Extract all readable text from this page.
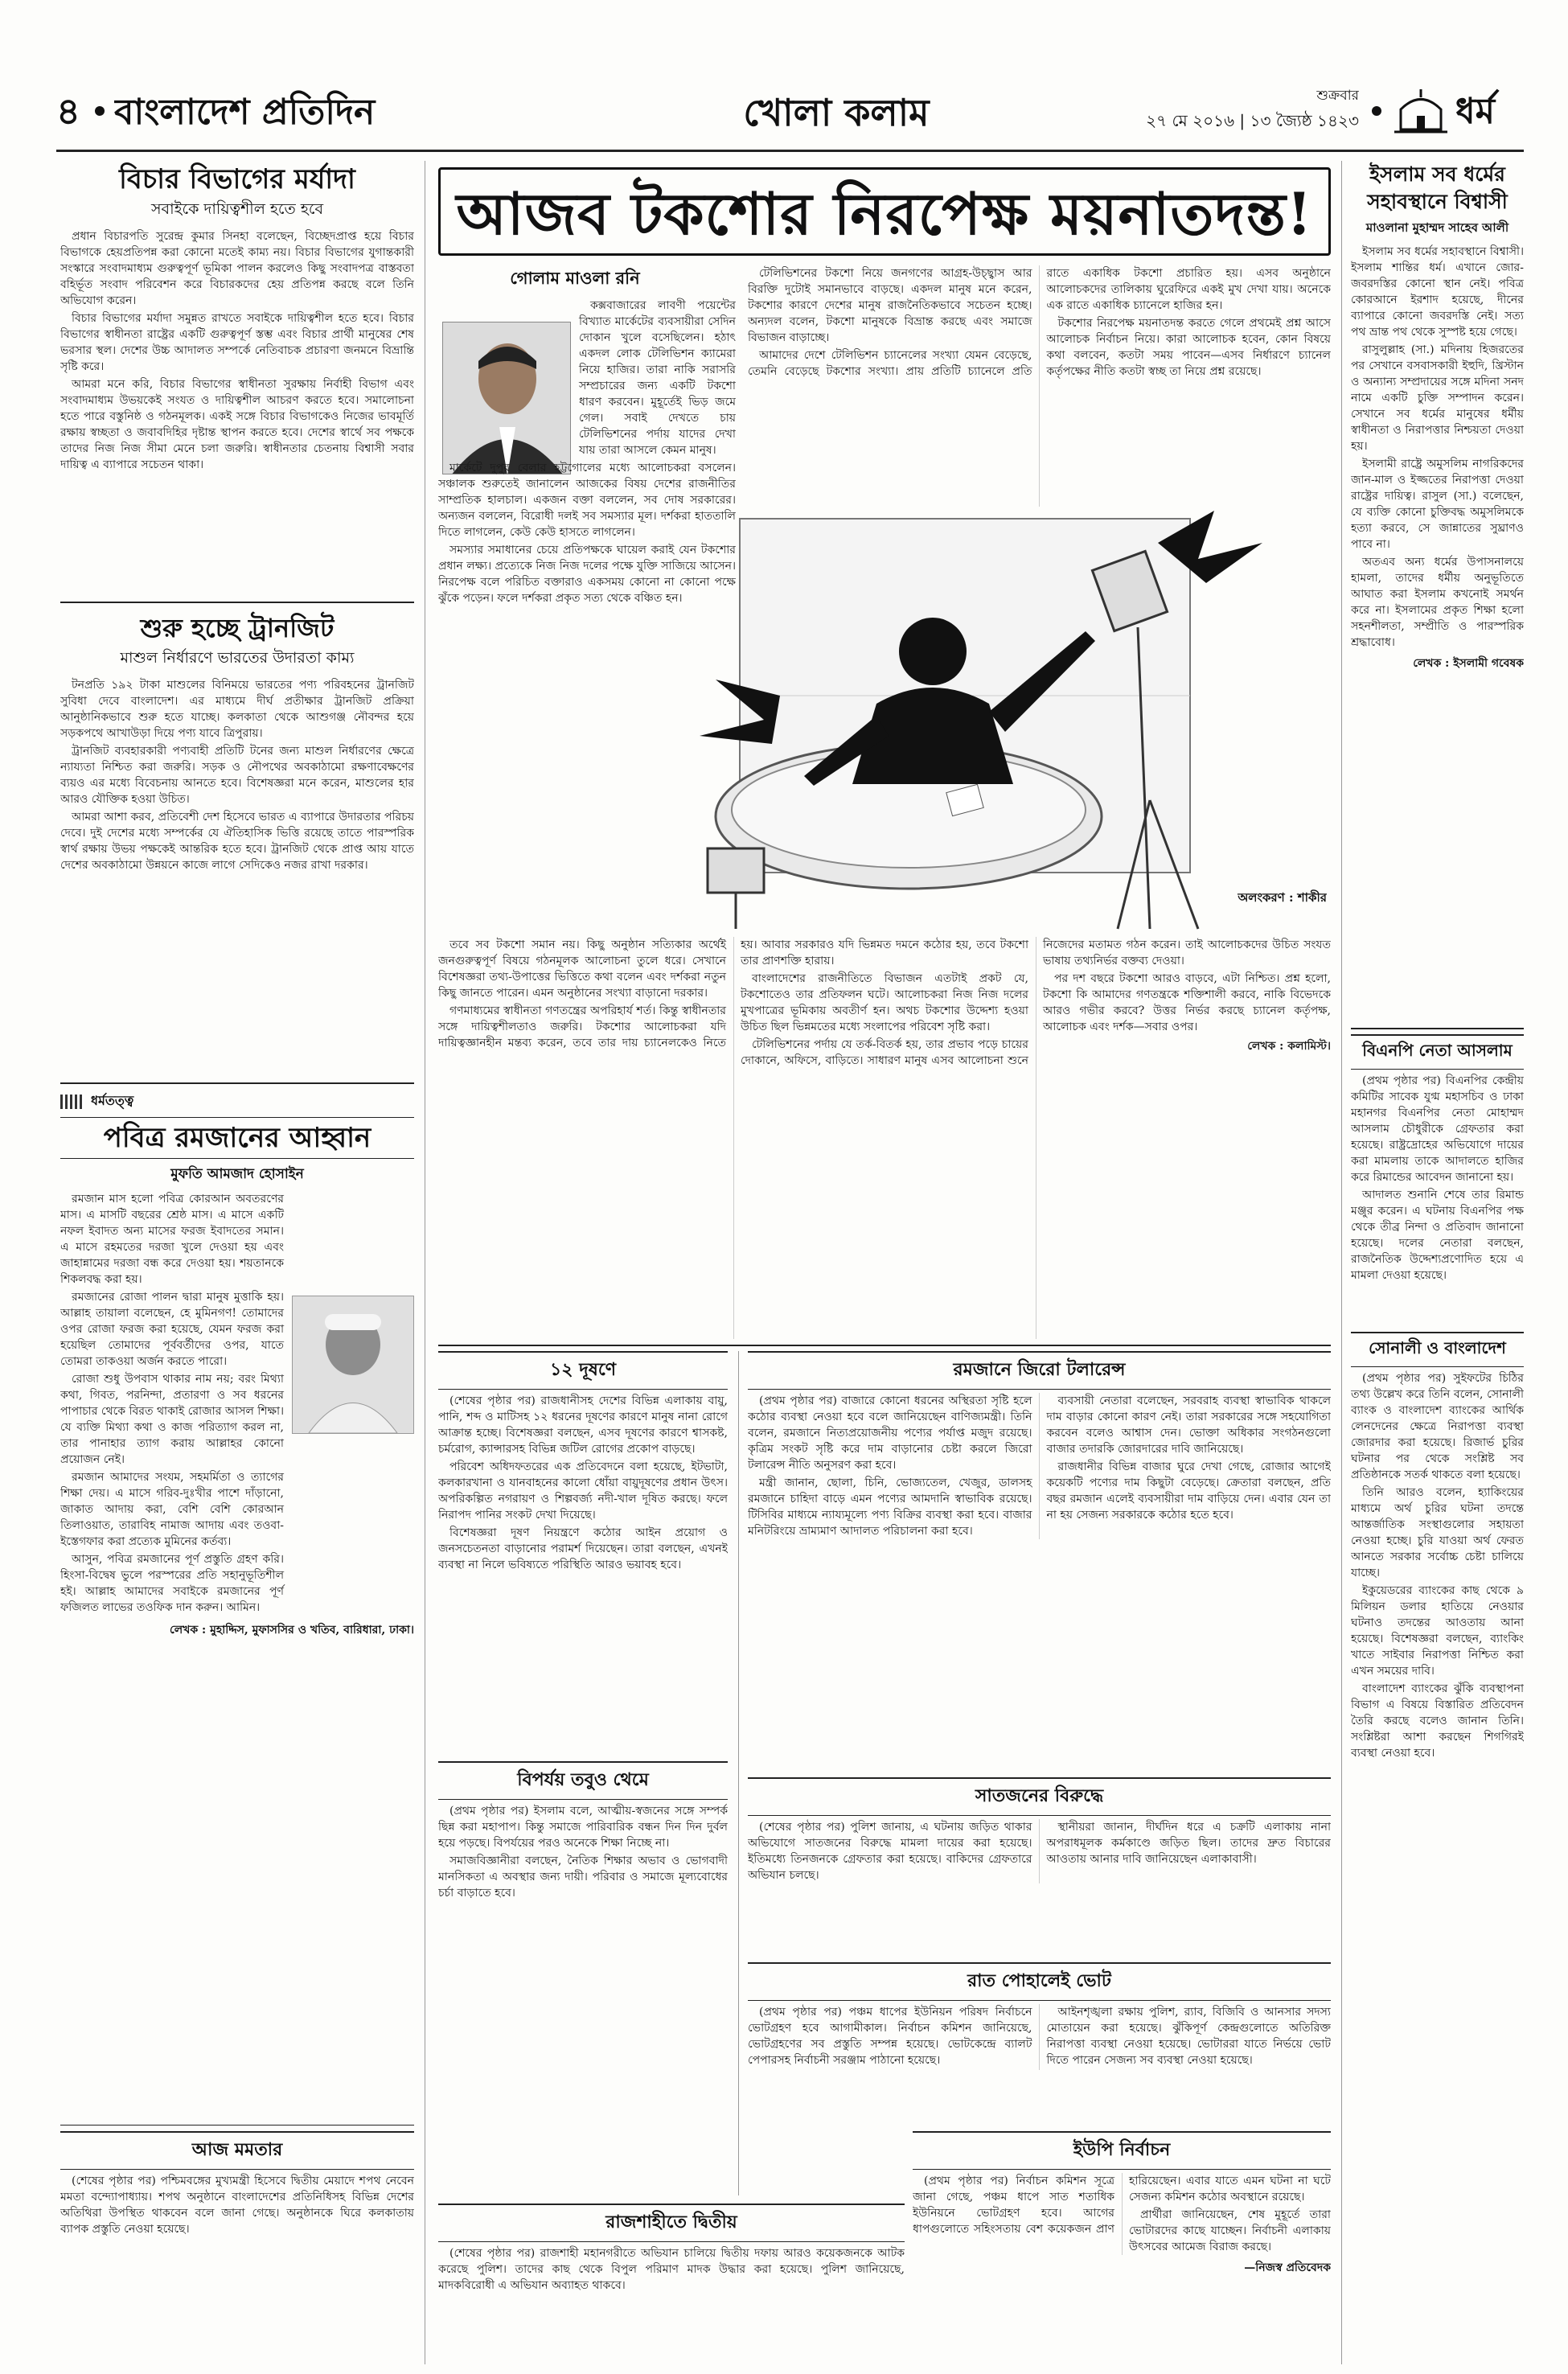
৪ বাংলাদেশ প্রতিদিন	খোলা কলাম	শুক্রবার
২৭ মে ২০১৬ | ১৩ জ্যৈষ্ঠ ১৪২৩	ধর্ম
বিচার বিভাগের মর্যাদা
সবাইকে দায়িত্বশীল হতে হবে

প্রধান বিচারপতি সুরেন্দ্র কুমার সিনহা বলেছেন, বিচ্ছেদপ্রাপ্ত হয়ে বিচার বিভাগকে হেয়প্রতিপন্ন করা কোনো মতেই কাম্য নয়। বিচার বিভাগের যুগান্তকারী সংস্কারে সংবাদমাধ্যম গুরুত্বপূর্ণ ভূমিকা পালন করলেও কিছু সংবাদপত্র বাস্তবতা বহির্ভূত সংবাদ পরিবেশন করে বিচারকদের হেয় প্রতিপন্ন করছে বলে তিনি অভিযোগ করেন।

বিচার বিভাগের মর্যাদা সমুন্নত রাখতে সবাইকে দায়িত্বশীল হতে হবে। বিচার বিভাগের স্বাধীনতা রাষ্ট্রের একটি গুরুত্বপূর্ণ স্তম্ভ এবং বিচার প্রার্থী মানুষের শেষ ভরসার স্থল। দেশের উচ্চ আদালত সম্পর্কে নেতিবাচক প্রচারণা জনমনে বিভ্রান্তি সৃষ্টি করে।

আমরা মনে করি, বিচার বিভাগের স্বাধীনতা সুরক্ষায় নির্বাহী বিভাগ এবং সংবাদমাধ্যম উভয়কেই সংযত ও দায়িত্বশীল আচরণ করতে হবে। সমালোচনা হতে পারে বস্তুনিষ্ঠ ও গঠনমূলক। একই সঙ্গে বিচার বিভাগকেও নিজের ভাবমূর্তি রক্ষায় স্বচ্ছতা ও জবাবদিহির দৃষ্টান্ত স্থাপন করতে হবে। দেশের স্বার্থে সব পক্ষকে তাদের নিজ নিজ সীমা মেনে চলা জরুরি। স্বাধীনতার চেতনায় বিশ্বাসী সবার দায়িত্ব এ ব্যাপারে সচেতন থাকা।

শুরু হচ্ছে ট্রানজিট
মাশুল নির্ধারণে ভারতের উদারতা কাম্য

টনপ্রতি ১৯২ টাকা মাশুলের বিনিময়ে ভারতের পণ্য পরিবহনের ট্রানজিট সুবিধা দেবে বাংলাদেশ। এর মাধ্যমে দীর্ঘ প্রতীক্ষার ট্রানজিট প্রক্রিয়া আনুষ্ঠানিকভাবে শুরু হতে যাচ্ছে। কলকাতা থেকে আশুগঞ্জ নৌবন্দর হয়ে সড়কপথে আখাউড়া দিয়ে পণ্য যাবে ত্রিপুরায়।

ট্রানজিট ব্যবহারকারী পণ্যবাহী প্রতিটি টনের জন্য মাশুল নির্ধারণের ক্ষেত্রে ন্যায্যতা নিশ্চিত করা জরুরি। সড়ক ও নৌপথের অবকাঠামো রক্ষণাবেক্ষণের ব্যয়ও এর মধ্যে বিবেচনায় আনতে হবে। বিশেষজ্ঞরা মনে করেন, মাশুলের হার আরও যৌক্তিক হওয়া উচিত।

আমরা আশা করব, প্রতিবেশী দেশ হিসেবে ভারত এ ব্যাপারে উদারতার পরিচয় দেবে। দুই দেশের মধ্যে সম্পর্কের যে ঐতিহাসিক ভিত্তি রয়েছে তাতে পারস্পরিক স্বার্থ রক্ষায় উভয় পক্ষকেই আন্তরিক হতে হবে। ট্রানজিট থেকে প্রাপ্ত আয় যাতে দেশের অবকাঠামো উন্নয়নে কাজে লাগে সেদিকেও নজর রাখা দরকার।

ধর্মতত্ত্ব
পবিত্র রমজানের আহ্বান
মুফতি আমজাদ হোসাইন

রমজান মাস হলো পবিত্র কোরআন অবতরণের মাস। এ মাসটি বছরের শ্রেষ্ঠ মাস। এ মাসে একটি নফল ইবাদত অন্য মাসের ফরজ ইবাদতের সমান। এ মাসে রহমতের দরজা খুলে দেওয়া হয় এবং জাহান্নামের দরজা বন্ধ করে দেওয়া হয়। শয়তানকে শিকলবদ্ধ করা হয়।

রমজানের রোজা পালন দ্বারা মানুষ মুত্তাকি হয়। আল্লাহ তায়ালা বলেছেন, হে মুমিনগণ! তোমাদের ওপর রোজা ফরজ করা হয়েছে, যেমন ফরজ করা হয়েছিল তোমাদের পূর্ববর্তীদের ওপর, যাতে তোমরা তাকওয়া অর্জন করতে পারো।

রোজা শুধু উপবাস থাকার নাম নয়; বরং মিথ্যা কথা, গিবত, পরনিন্দা, প্রতারণা ও সব ধরনের পাপাচার থেকে বিরত থাকাই রোজার আসল শিক্ষা। যে ব্যক্তি মিথ্যা কথা ও কাজ পরিত্যাগ করল না, তার পানাহার ত্যাগ করায় আল্লাহর কোনো প্রয়োজন নেই।

রমজান আমাদের সংযম, সহমর্মিতা ও ত্যাগের শিক্ষা দেয়। এ মাসে গরিব-দুঃখীর পাশে দাঁড়ানো, জাকাত আদায় করা, বেশি বেশি কোরআন তিলাওয়াত, তারাবিহ নামাজ আদায় এবং তওবা-ইস্তেগফার করা প্রত্যেক মুমিনের কর্তব্য।

আসুন, পবিত্র রমজানের পূর্ণ প্রস্তুতি গ্রহণ করি। হিংসা-বিদ্বেষ ভুলে পরস্পরের প্রতি সহানুভূতিশীল হই। আল্লাহ আমাদের সবাইকে রমজানের পূর্ণ ফজিলত লাভের তওফিক দান করুন। আমিন।

লেখক : মুহাদ্দিস, মুফাসসির ও খতিব, বারিধারা, ঢাকা।
আজ মমতার

(শেষের পৃষ্ঠার পর) পশ্চিমবঙ্গের মুখ্যমন্ত্রী হিসেবে দ্বিতীয় মেয়াদে শপথ নেবেন মমতা বন্দ্যোপাধ্যায়। শপথ অনুষ্ঠানে বাংলাদেশের প্রতিনিধিসহ বিভিন্ন দেশের অতিথিরা উপস্থিত থাকবেন বলে জানা গেছে। অনুষ্ঠানকে ঘিরে কলকাতায় ব্যাপক প্রস্তুতি নেওয়া হয়েছে।

আজব টকশোর নিরপেক্ষ ময়নাতদন্ত!
গোলাম মাওলা রনি

কক্সবাজারের লাবণী পয়েন্টের বিখ্যাত মার্কেটের ব্যবসায়ীরা সেদিন দোকান খুলে বসেছিলেন। হঠাৎ একদল লোক টেলিভিশন ক্যামেরা নিয়ে হাজির। তারা নাকি সরাসরি সম্প্রচারের জন্য একটি টকশো ধারণ করবেন। মুহূর্তেই ভিড় জমে গেল। সবাই দেখতে চায় টেলিভিশনের পর্দায় যাদের দেখা যায় তারা আসলে কেমন মানুষ।

মার্কেটে দুপুর বেলার হট্টগোলের মধ্যে আলোচকরা বসলেন। সঞ্চালক শুরুতেই জানালেন আজকের বিষয় দেশের রাজনীতির সাম্প্রতিক হালচাল। একজন বক্তা বললেন, সব দোষ সরকারের। অন্যজন বললেন, বিরোধী দলই সব সমস্যার মূল। দর্শকরা হাততালি দিতে লাগলেন, কেউ কেউ হাসতে লাগলেন।

সমস্যার সমাধানের চেয়ে প্রতিপক্ষকে ঘায়েল করাই যেন টকশোর প্রধান লক্ষ্য। প্রত্যেকে নিজ নিজ দলের পক্ষে যুক্তি সাজিয়ে আসেন। নিরপেক্ষ বলে পরিচিত বক্তারাও একসময় কোনো না কোনো পক্ষে ঝুঁকে পড়েন। ফলে দর্শকরা প্রকৃত সত্য থেকে বঞ্চিত হন।

টেলিভিশনের টকশো নিয়ে জনগণের আগ্রহ-উচ্ছ্বাস আর বিরক্তি দুটোই সমানভাবে বাড়ছে। একদল মানুষ মনে করেন, টকশোর কারণে দেশের মানুষ রাজনৈতিকভাবে সচেতন হচ্ছে। অন্যদল বলেন, টকশো মানুষকে বিভ্রান্ত করছে এবং সমাজে বিভাজন বাড়াচ্ছে।

আমাদের দেশে টেলিভিশন চ্যানেলের সংখ্যা যেমন বেড়েছে, তেমনি বেড়েছে টকশোর সংখ্যা। প্রায় প্রতিটি চ্যানেলে প্রতি রাতে একাধিক টকশো প্রচারিত হয়। এসব অনুষ্ঠানে আলোচকদের তালিকায় ঘুরেফিরে একই মুখ দেখা যায়। অনেকে এক রাতে একাধিক চ্যানেলে হাজির হন।

টকশোর নিরপেক্ষ ময়নাতদন্ত করতে গেলে প্রথমেই প্রশ্ন আসে আলোচক নির্বাচন নিয়ে। কারা আলোচক হবেন, কোন বিষয়ে কথা বলবেন, কতটা সময় পাবেন—এসব নির্ধারণে চ্যানেল কর্তৃপক্ষের নীতি কতটা স্বচ্ছ তা নিয়ে প্রশ্ন রয়েছে।

অলংকরণ : শাকীর

তবে সব টকশো সমান নয়। কিছু অনুষ্ঠান সত্যিকার অর্থেই জনগুরুত্বপূর্ণ বিষয়ে গঠনমূলক আলোচনা তুলে ধরে। সেখানে বিশেষজ্ঞরা তথ্য-উপাত্তের ভিত্তিতে কথা বলেন এবং দর্শকরা নতুন কিছু জানতে পারেন। এমন অনুষ্ঠানের সংখ্যা বাড়ানো দরকার।

গণমাধ্যমের স্বাধীনতা গণতন্ত্রের অপরিহার্য শর্ত। কিন্তু স্বাধীনতার সঙ্গে দায়িত্বশীলতাও জরুরি। টকশোর আলোচকরা যদি দায়িত্বজ্ঞানহীন মন্তব্য করেন, তবে তার দায় চ্যানেলকেও নিতে হয়। আবার সরকারও যদি ভিন্নমত দমনে কঠোর হয়, তবে টকশো তার প্রাণশক্তি হারায়।

বাংলাদেশের রাজনীতিতে বিভাজন এতটাই প্রকট যে, টকশোতেও তার প্রতিফলন ঘটে। আলোচকরা নিজ নিজ দলের মুখপাত্রের ভূমিকায় অবতীর্ণ হন। অথচ টকশোর উদ্দেশ্য হওয়া উচিত ছিল ভিন্নমতের মধ্যে সংলাপের পরিবেশ সৃষ্টি করা।

টেলিভিশনের পর্দায় যে তর্ক-বিতর্ক হয়, তার প্রভাব পড়ে চায়ের দোকানে, অফিসে, বাড়িতে। সাধারণ মানুষ এসব আলোচনা শুনে নিজেদের মতামত গঠন করেন। তাই আলোচকদের উচিত সংযত ভাষায় তথ্যনির্ভর বক্তব্য দেওয়া।

পর দশ বছরে টকশো আরও বাড়বে, এটা নিশ্চিত। প্রশ্ন হলো, টকশো কি আমাদের গণতন্ত্রকে শক্তিশালী করবে, নাকি বিভেদকে আরও গভীর করবে? উত্তর নির্ভর করছে চ্যানেল কর্তৃপক্ষ, আলোচক এবং দর্শক—সবার ওপর।

লেখক : কলামিস্ট।
১২ দূষণে

(শেষের পৃষ্ঠার পর) রাজধানীসহ দেশের বিভিন্ন এলাকায় বায়ু, পানি, শব্দ ও মাটিসহ ১২ ধরনের দূষণের কারণে মানুষ নানা রোগে আক্রান্ত হচ্ছে। বিশেষজ্ঞরা বলছেন, এসব দূষণের কারণে শ্বাসকষ্ট, চর্মরোগ, ক্যান্সারসহ বিভিন্ন জটিল রোগের প্রকোপ বাড়ছে।

পরিবেশ অধিদফতরের এক প্রতিবেদনে বলা হয়েছে, ইটভাটা, কলকারখানা ও যানবাহনের কালো ধোঁয়া বায়ুদূষণের প্রধান উৎস। অপরিকল্পিত নগরায়ণ ও শিল্পবর্জ্য নদী-খাল দূষিত করছে। ফলে নিরাপদ পানির সংকট দেখা দিয়েছে।

বিশেষজ্ঞরা দূষণ নিয়ন্ত্রণে কঠোর আইন প্রয়োগ ও জনসচেতনতা বাড়ানোর পরামর্শ দিয়েছেন। তারা বলছেন, এখনই ব্যবস্থা না নিলে ভবিষ্যতে পরিস্থিতি আরও ভয়াবহ হবে।

বিপর্যয় তবুও থেমে

(প্রথম পৃষ্ঠার পর) ইসলাম বলে, আত্মীয়-স্বজনের সঙ্গে সম্পর্ক ছিন্ন করা মহাপাপ। কিন্তু সমাজে পারিবারিক বন্ধন দিন দিন দুর্বল হয়ে পড়ছে। বিপর্যয়ের পরও অনেকে শিক্ষা নিচ্ছে না।

সমাজবিজ্ঞানীরা বলছেন, নৈতিক শিক্ষার অভাব ও ভোগবাদী মানসিকতা এ অবস্থার জন্য দায়ী। পরিবার ও সমাজে মূল্যবোধের চর্চা বাড়াতে হবে।

রাজশাহীতে দ্বিতীয়

(শেষের পৃষ্ঠার পর) রাজশাহী মহানগরীতে অভিযান চালিয়ে দ্বিতীয় দফায় আরও কয়েকজনকে আটক করেছে পুলিশ। তাদের কাছ থেকে বিপুল পরিমাণ মাদক উদ্ধার করা হয়েছে। পুলিশ জানিয়েছে, মাদকবিরোধী এ অভিযান অব্যাহত থাকবে।

রমজানে জিরো টলারেন্স

(প্রথম পৃষ্ঠার পর) বাজারে কোনো ধরনের অস্থিরতা সৃষ্টি হলে কঠোর ব্যবস্থা নেওয়া হবে বলে জানিয়েছেন বাণিজ্যমন্ত্রী। তিনি বলেন, রমজানে নিত্যপ্রয়োজনীয় পণ্যের পর্যাপ্ত মজুদ রয়েছে। কৃত্রিম সংকট সৃষ্টি করে দাম বাড়ানোর চেষ্টা করলে জিরো টলারেন্স নীতি অনুসরণ করা হবে।

মন্ত্রী জানান, ছোলা, চিনি, ভোজ্যতেল, খেজুর, ডালসহ রমজানে চাহিদা বাড়ে এমন পণ্যের আমদানি স্বাভাবিক রয়েছে। টিসিবির মাধ্যমে ন্যায্যমূল্যে পণ্য বিক্রির ব্যবস্থা করা হবে। বাজার মনিটরিংয়ে ভ্রাম্যমাণ আদালত পরিচালনা করা হবে।

ব্যবসায়ী নেতারা বলেছেন, সরবরাহ ব্যবস্থা স্বাভাবিক থাকলে দাম বাড়ার কোনো কারণ নেই। তারা সরকারের সঙ্গে সহযোগিতা করবেন বলেও আশ্বাস দেন। ভোক্তা অধিকার সংগঠনগুলো বাজার তদারকি জোরদারের দাবি জানিয়েছে।

রাজধানীর বিভিন্ন বাজার ঘুরে দেখা গেছে, রোজার আগেই কয়েকটি পণ্যের দাম কিছুটা বেড়েছে। ক্রেতারা বলছেন, প্রতি বছর রমজান এলেই ব্যবসায়ীরা দাম বাড়িয়ে দেন। এবার যেন তা না হয় সেজন্য সরকারকে কঠোর হতে হবে।

সাতজনের বিরুদ্ধে

(শেষের পৃষ্ঠার পর) পুলিশ জানায়, এ ঘটনায় জড়িত থাকার অভিযোগে সাতজনের বিরুদ্ধে মামলা দায়ের করা হয়েছে। ইতিমধ্যে তিনজনকে গ্রেফতার করা হয়েছে। বাকিদের গ্রেফতারে অভিযান চলছে।

স্থানীয়রা জানান, দীর্ঘদিন ধরে এ চক্রটি এলাকায় নানা অপরাধমূলক কর্মকাণ্ডে জড়িত ছিল। তাদের দ্রুত বিচারের আওতায় আনার দাবি জানিয়েছেন এলাকাবাসী।

রাত পোহালেই ভোট

(প্রথম পৃষ্ঠার পর) পঞ্চম ধাপের ইউনিয়ন পরিষদ নির্বাচনে ভোটগ্রহণ হবে আগামীকাল। নির্বাচন কমিশন জানিয়েছে, ভোটগ্রহণের সব প্রস্তুতি সম্পন্ন হয়েছে। ভোটকেন্দ্রে ব্যালট পেপারসহ নির্বাচনী সরঞ্জাম পাঠানো হয়েছে।

আইনশৃঙ্খলা রক্ষায় পুলিশ, র‌্যাব, বিজিবি ও আনসার সদস্য মোতায়েন করা হয়েছে। ঝুঁকিপূর্ণ কেন্দ্রগুলোতে অতিরিক্ত নিরাপত্তা ব্যবস্থা নেওয়া হয়েছে। ভোটাররা যাতে নির্ভয়ে ভোট দিতে পারেন সেজন্য সব ব্যবস্থা নেওয়া হয়েছে।

ইউপি নির্বাচন

(প্রথম পৃষ্ঠার পর) নির্বাচন কমিশন সূত্রে জানা গেছে, পঞ্চম ধাপে সাত শতাধিক ইউনিয়নে ভোটগ্রহণ হবে। আগের ধাপগুলোতে সহিংসতায় বেশ কয়েকজন প্রাণ হারিয়েছেন। এবার যাতে এমন ঘটনা না ঘটে সেজন্য কমিশন কঠোর অবস্থানে রয়েছে।

প্রার্থীরা জানিয়েছেন, শেষ মুহূর্তে তারা ভোটারদের কাছে যাচ্ছেন। নির্বাচনী এলাকায় উৎসবের আমেজ বিরাজ করছে।

—নিজস্ব প্রতিবেদক
ইসলাম সব ধর্মের সহাবস্থানে বিশ্বাসী
মাওলানা মুহাম্মদ সাহেব আলী

ইসলাম সব ধর্মের সহাবস্থানে বিশ্বাসী। ইসলাম শান্তির ধর্ম। এখানে জোর-জবরদস্তির কোনো স্থান নেই। পবিত্র কোরআনে ইরশাদ হয়েছে, দীনের ব্যাপারে কোনো জবরদস্তি নেই। সত্য পথ ভ্রান্ত পথ থেকে সুস্পষ্ট হয়ে গেছে।

রাসুলুল্লাহ (সা.) মদিনায় হিজরতের পর সেখানে বসবাসকারী ইহুদি, খ্রিস্টান ও অন্যান্য সম্প্রদায়ের সঙ্গে মদিনা সনদ নামে একটি চুক্তি সম্পাদন করেন। সেখানে সব ধর্মের মানুষের ধর্মীয় স্বাধীনতা ও নিরাপত্তার নিশ্চয়তা দেওয়া হয়।

ইসলামী রাষ্ট্রে অমুসলিম নাগরিকদের জান-মাল ও ইজ্জতের নিরাপত্তা দেওয়া রাষ্ট্রের দায়িত্ব। রাসুল (সা.) বলেছেন, যে ব্যক্তি কোনো চুক্তিবদ্ধ অমুসলিমকে হত্যা করবে, সে জান্নাতের সুঘ্রাণও পাবে না।

অতএব অন্য ধর্মের উপাসনালয়ে হামলা, তাদের ধর্মীয় অনুভূতিতে আঘাত করা ইসলাম কখনোই সমর্থন করে না। ইসলামের প্রকৃত শিক্ষা হলো সহনশীলতা, সম্প্রীতি ও পারস্পরিক শ্রদ্ধাবোধ।

লেখক : ইসলামী গবেষক
বিএনপি নেতা আসলাম

(প্রথম পৃষ্ঠার পর) বিএনপির কেন্দ্রীয় কমিটির সাবেক যুগ্ম মহাসচিব ও ঢাকা মহানগর বিএনপির নেতা মোহাম্মদ আসলাম চৌধুরীকে গ্রেফতার করা হয়েছে। রাষ্ট্রদ্রোহের অভিযোগে দায়ের করা মামলায় তাকে আদালতে হাজির করে রিমান্ডের আবেদন জানানো হয়।

আদালত শুনানি শেষে তার রিমান্ড মঞ্জুর করেন। এ ঘটনায় বিএনপির পক্ষ থেকে তীব্র নিন্দা ও প্রতিবাদ জানানো হয়েছে। দলের নেতারা বলছেন, রাজনৈতিক উদ্দেশ্যপ্রণোদিত হয়ে এ মামলা দেওয়া হয়েছে।

সোনালী ও বাংলাদেশ

(প্রথম পৃষ্ঠার পর) সুইফটের চিঠির তথ্য উল্লেখ করে তিনি বলেন, সোনালী ব্যাংক ও বাংলাদেশ ব্যাংকের আর্থিক লেনদেনের ক্ষেত্রে নিরাপত্তা ব্যবস্থা জোরদার করা হয়েছে। রিজার্ভ চুরির ঘটনার পর থেকে সংশ্লিষ্ট সব প্রতিষ্ঠানকে সতর্ক থাকতে বলা হয়েছে।

তিনি আরও বলেন, হ্যাকিংয়ের মাধ্যমে অর্থ চুরির ঘটনা তদন্তে আন্তর্জাতিক সংস্থাগুলোর সহায়তা নেওয়া হচ্ছে। চুরি যাওয়া অর্থ ফেরত আনতে সরকার সর্বোচ্চ চেষ্টা চালিয়ে যাচ্ছে।

ইকুয়েডরের ব্যাংকের কাছ থেকে ৯ মিলিয়ন ডলার হাতিয়ে নেওয়ার ঘটনাও তদন্তের আওতায় আনা হয়েছে। বিশেষজ্ঞরা বলছেন, ব্যাংকিং খাতে সাইবার নিরাপত্তা নিশ্চিত করা এখন সময়ের দাবি।

বাংলাদেশ ব্যাংকের ঝুঁকি ব্যবস্থাপনা বিভাগ এ বিষয়ে বিস্তারিত প্রতিবেদন তৈরি করছে বলেও জানান তিনি। সংশ্লিষ্টরা আশা করছেন শিগগিরই ব্যবস্থা নেওয়া হবে।
